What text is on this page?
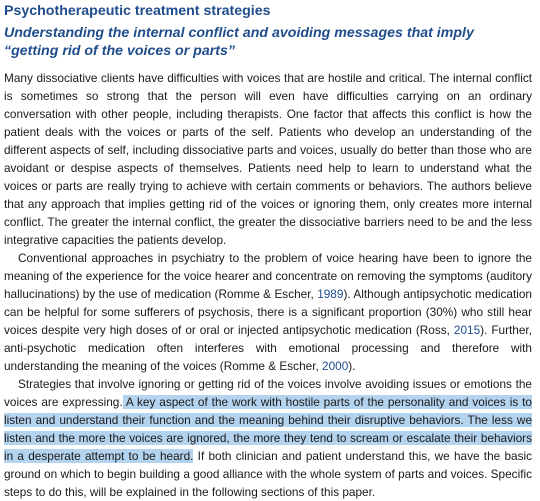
Psychotherapeutic treatment strategies
Understanding the internal conflict and avoiding messages that imply “getting rid of the voices or parts”

Many dissociative clients have difficulties with voices that are hostile and critical. The internal conflict is sometimes so strong that the person will even have difficulties carrying on an ordinary conversation with other people, including therapists. One factor that affects this conflict is how the patient deals with the voices or parts of the self. Patients who develop an understanding of the different aspects of self, including dissociative parts and voices, usually do better than those who are avoidant or despise aspects of themselves. Patients need help to learn to understand what the voices or parts are really trying to achieve with certain comments or behaviors. The authors believe that any approach that implies getting rid of the voices or ignoring them, only creates more internal conflict. The greater the internal conflict, the greater the dissociative barriers need to be and the less integrative capacities the patients develop.

Conventional approaches in psychiatry to the problem of voice hearing have been to ignore the meaning of the experience for the voice hearer and concentrate on removing the symptoms (auditory hallucinations) by the use of medication (Romme & Escher, 1989). Although antipsychotic medication can be helpful for some sufferers of psychosis, there is a significant proportion (30%) who still hear voices despite very high doses of or oral or injected antipsychotic medication (Ross, 2015). Further, anti-psychotic medication often interferes with emotional processing and therefore with understanding the meaning of the voices (Romme & Escher, 2000).

Strategies that involve ignoring or getting rid of the voices involve avoiding issues or emotions the voices are expressing. A key aspect of the work with hostile parts of the personality and voices is to listen and understand their function and the meaning behind their disruptive behaviors. The less we listen and the more the voices are ignored, the more they tend to scream or escalate their behaviors in a desperate attempt to be heard. If both clinician and patient understand this, we have the basic ground on which to begin building a good alliance with the whole system of parts and voices. Specific steps to do this, will be explained in the following sections of this paper.
